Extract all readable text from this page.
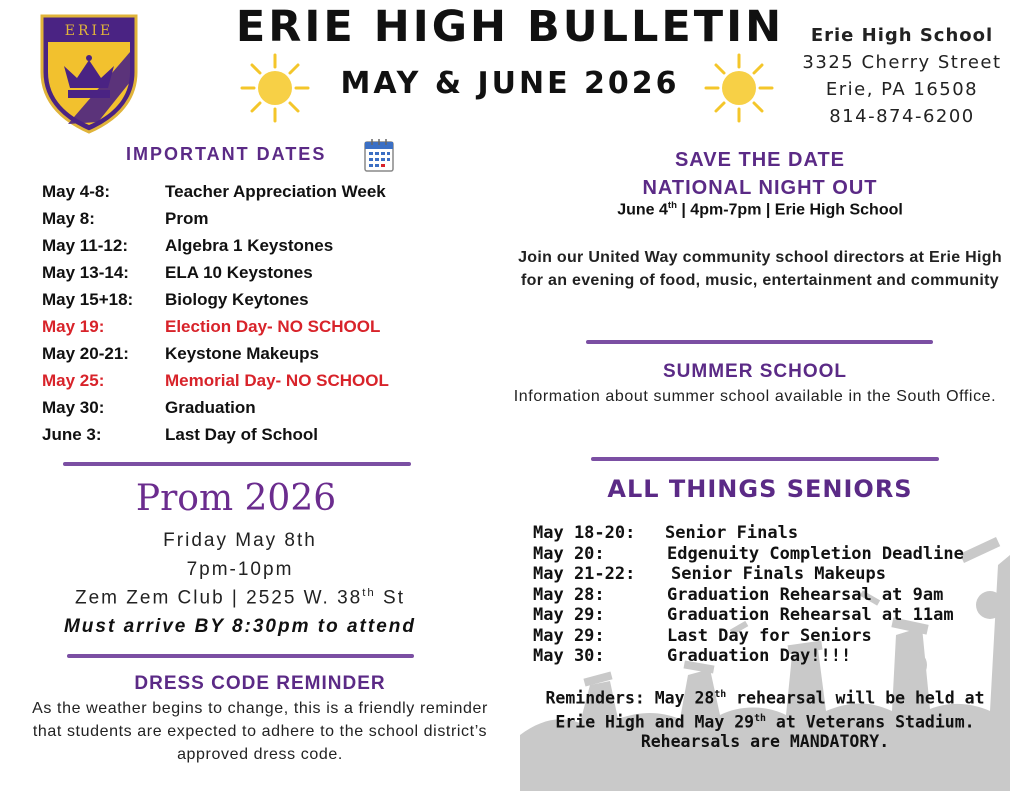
ERIE	ERIE HIGH BULLETIN
MAY & JUNE 2026
Erie High School
3325 Cherry Street
Erie, PA 16508
814-874-6200
IMPORTANT DATES
May 4-8:	Teacher Appreciation Week
May 8:	Prom
May 11-12: Algebra 1 Keystones
May 13-14: ELA 10 Keystones
May 15+18: Biology Keytones
May 19:	Election Day- NO SCHOOL
May 20-21: Keystone Makeups
May 25:	Memorial Day- NO SCHOOL
May 30:	Graduation
June 3:	Last Day of School
Prom 2026
Friday May 8th
7pm-10pm
Zem Zem Club | 2525 W. 38th St
Must arrive BY 8:30pm to attend
DRESS CODE REMINDER
As the weather begins to change, this is a friendly reminder that students are expected to adhere to the school district’s approved dress code.
SAVE THE DATE
NATIONAL NIGHT OUT
June 4th | 4pm-7pm | Erie High School
Join our United Way community school directors at Erie High for an evening of food, music, entertainment and community
SUMMER SCHOOL
Information about summer school available in the South Office.
ALL THINGS SENIORS
May 18-20: Senior Finals
May 20:	Edgenuity Completion Deadline
May 21-22: Senior Finals Makeups
May 28:	Graduation Rehearsal at 9am
May 29:	Graduation Rehearsal at 11am
May 29:	Last Day for Seniors
May 30:	Graduation Day!!!!
Reminders: May 28th rehearsal will be held at Erie High and May 29th at Veterans Stadium. Rehearsals are MANDATORY.
